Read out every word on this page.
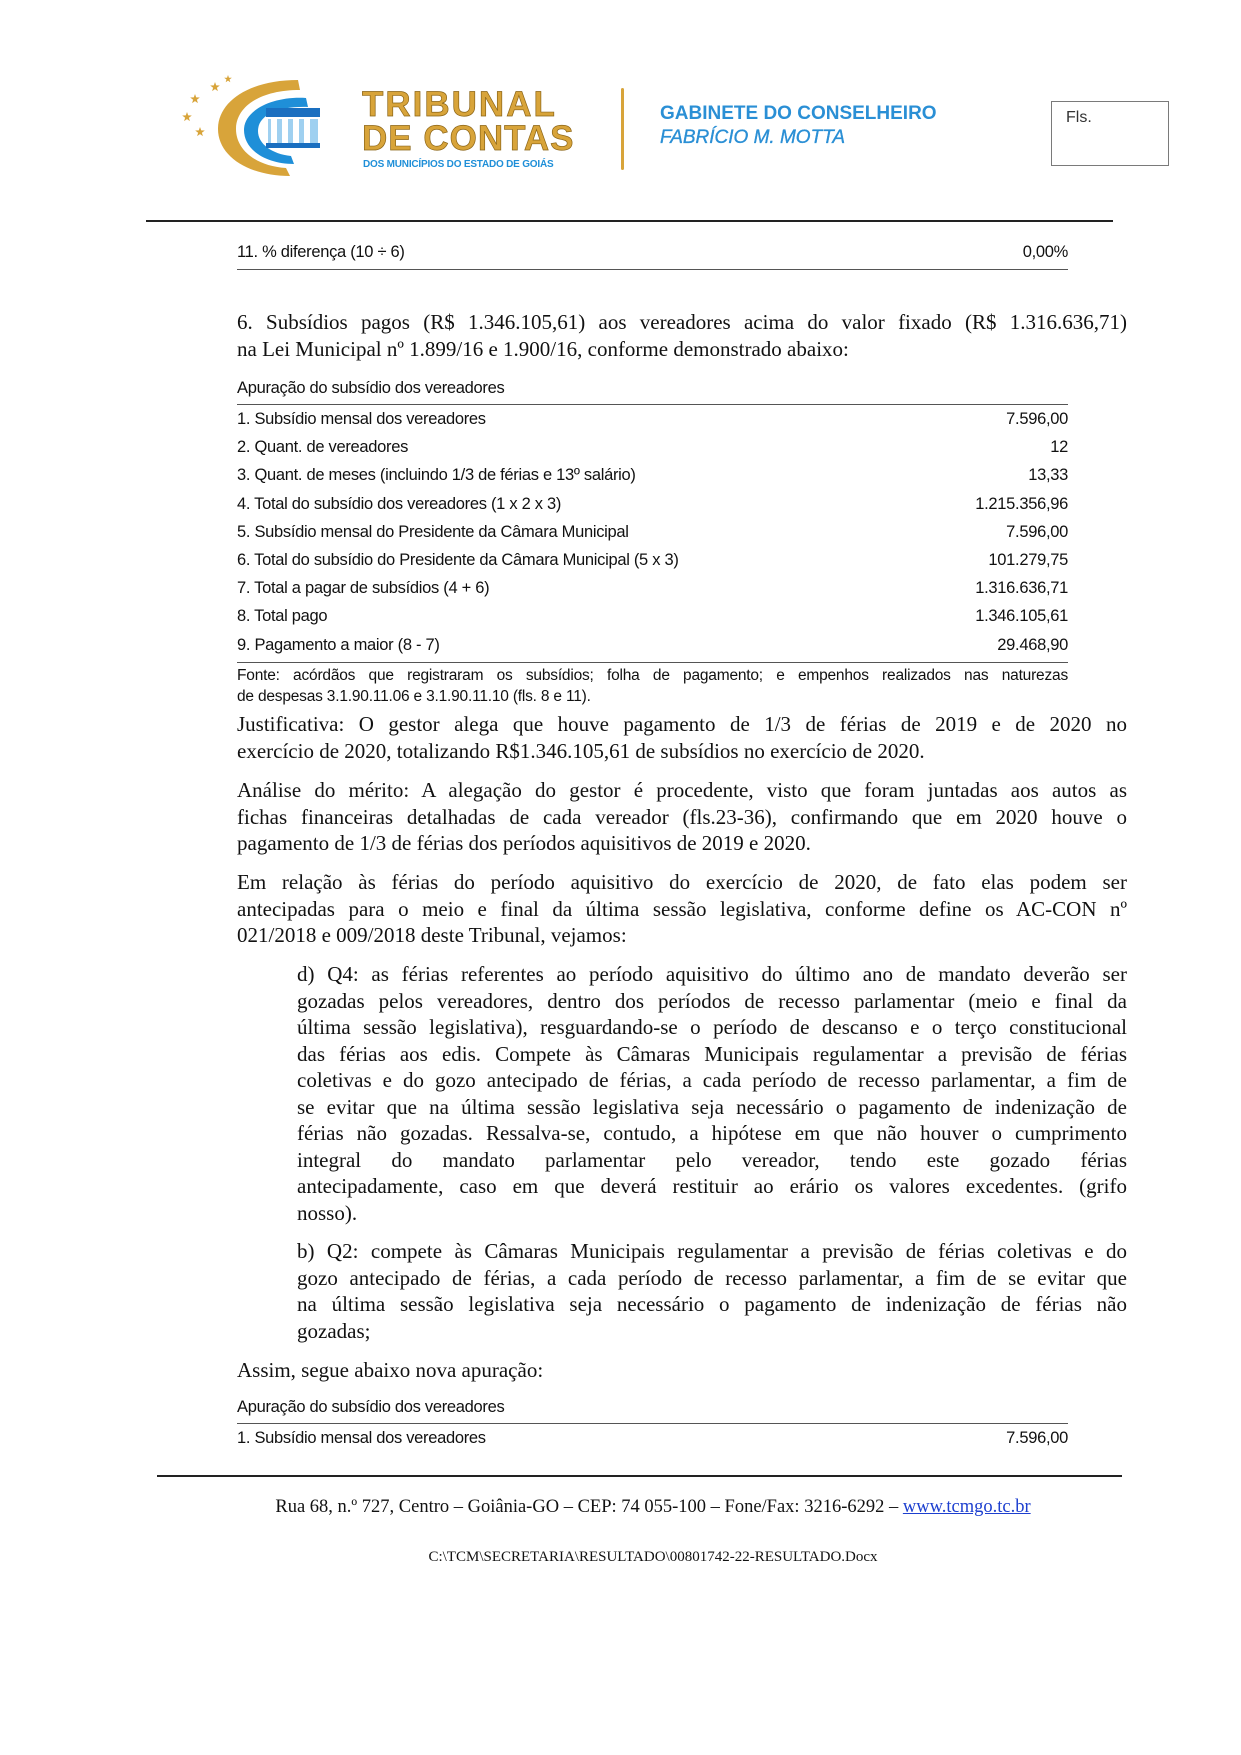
TRIBUNAL
DE CONTAS
DOS MUNICÍPIOS DO ESTADO DE GOIÁS
GABINETE DO CONSELHEIRO
FABRÍCIO M. MOTTA
Fls.
11. % diferença (10 ÷ 6)	0,00%
6. Subsídios pagos (R$ 1.346.105,61) aos vereadores acima do valor fixado (R$ 1.316.636,71)
na Lei Municipal nº 1.899/16 e 1.900/16, conforme demonstrado abaixo:
Apuração do subsídio dos vereadores
1. Subsídio mensal dos vereadores	7.596,00
2. Quant. de vereadores	12
3. Quant. de meses (incluindo 1/3 de férias e 13º salário)	13,33
4. Total do subsídio dos vereadores (1 x 2 x 3)	1.215.356,96
5. Subsídio mensal do Presidente da Câmara Municipal	7.596,00
6. Total do subsídio do Presidente da Câmara Municipal (5 x 3)	101.279,75
7. Total a pagar de subsídios (4 + 6)	1.316.636,71
8. Total pago	1.346.105,61
9. Pagamento a maior (8 - 7)	29.468,90
Fonte: acórdãos que registraram os subsídios; folha de pagamento; e empenhos realizados nas naturezas
de despesas 3.1.90.11.06 e 3.1.90.11.10 (fls. 8 e 11).
Justificativa: O gestor alega que houve pagamento de 1/3 de férias de 2019 e de 2020 no
exercício de 2020, totalizando R$1.346.105,61 de subsídios no exercício de 2020.
Análise do mérito: A alegação do gestor é procedente, visto que foram juntadas aos autos as
fichas financeiras detalhadas de cada vereador (fls.23-36), confirmando que em 2020 houve o
pagamento de 1/3 de férias dos períodos aquisitivos de 2019 e 2020.
Em relação às férias do período aquisitivo do exercício de 2020, de fato elas podem ser
antecipadas para o meio e final da última sessão legislativa, conforme define os AC-CON nº
021/2018 e 009/2018 deste Tribunal, vejamos:
d) Q4: as férias referentes ao período aquisitivo do último ano de mandato deverão ser
gozadas pelos vereadores, dentro dos períodos de recesso parlamentar (meio e final da
última sessão legislativa), resguardando-se o período de descanso e o terço constitucional
das férias aos edis. Compete às Câmaras Municipais regulamentar a previsão de férias
coletivas e do gozo antecipado de férias, a cada período de recesso parlamentar, a fim de
se evitar que na última sessão legislativa seja necessário o pagamento de indenização de
férias não gozadas. Ressalva-se, contudo, a hipótese em que não houver o cumprimento
integral do mandato parlamentar pelo vereador, tendo este gozado férias
antecipadamente, caso em que deverá restituir ao erário os valores excedentes. (grifo
nosso).
b) Q2: compete às Câmaras Municipais regulamentar a previsão de férias coletivas e do
gozo antecipado de férias, a cada período de recesso parlamentar, a fim de se evitar que
na última sessão legislativa seja necessário o pagamento de indenização de férias não
gozadas;
Assim, segue abaixo nova apuração:
Apuração do subsídio dos vereadores
1. Subsídio mensal dos vereadores	7.596,00
Rua 68, n.º 727, Centro – Goiânia-GO – CEP: 74 055-100 – Fone/Fax: 3216-6292 – www.tcmgo.tc.br
C:\TCM\SECRETARIA\RESULTADO\00801742-22-RESULTADO.Docx
